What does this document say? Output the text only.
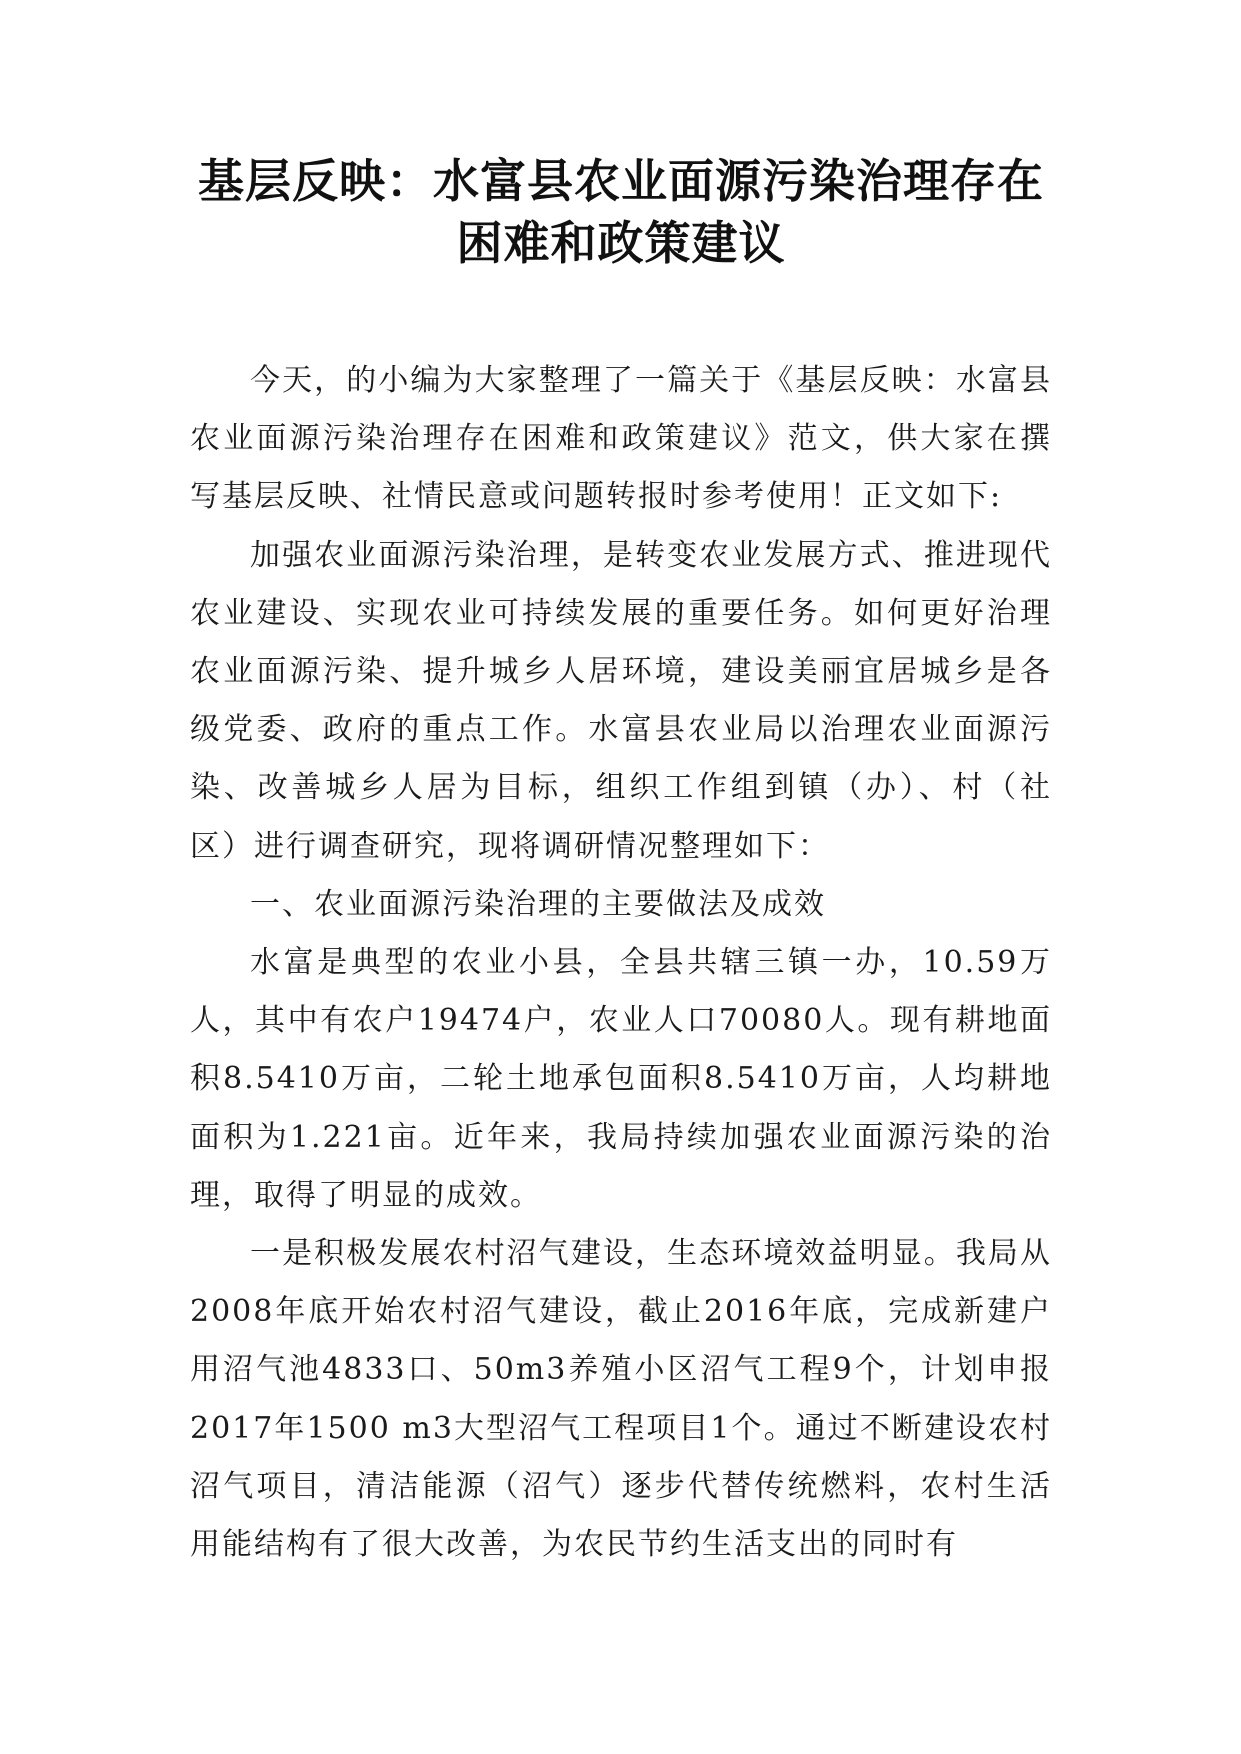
基层反映：水富县农业面源污染治理存在困难和政策建议

今天，的小编为大家整理了一篇关于《基层反映：水富县农业面源污染治理存在困难和政策建议》范文，供大家在撰写基层反映、社情民意或问题转报时参考使用！正文如下:

加强农业面源污染治理，是转变农业发展方式、推进现代农业建设、实现农业可持续发展的重要任务。如何更好治理农业面源污染、提升城乡人居环境，建设美丽宜居城乡是各级党委、政府的重点工作。水富县农业局以治理农业面源污染、改善城乡人居为目标，组织工作组到镇（办）、村（社区）进行调查研究，现将调研情况整理如下：

一、农业面源污染治理的主要做法及成效

水富是典型的农业小县，全县共辖三镇一办，10.59万人，其中有农户19474户，农业人口70080人。现有耕地面积8.5410万亩，二轮土地承包面积8.5410万亩，人均耕地面积为1.221亩。近年来，我局持续加强农业面源污染的治理，取得了明显的成效。

一是积极发展农村沼气建设，生态环境效益明显。我局从2008年底开始农村沼气建设，截止2016年底，完成新建户用沼气池4833口、50m3养殖小区沼气工程9个，计划申报2017年1500 m3大型沼气工程项目1个。通过不断建设农村沼气项目，清洁能源（沼气）逐步代替传统燃料，农村生活用能结构有了很大改善，为农民节约生活支出的同时有
